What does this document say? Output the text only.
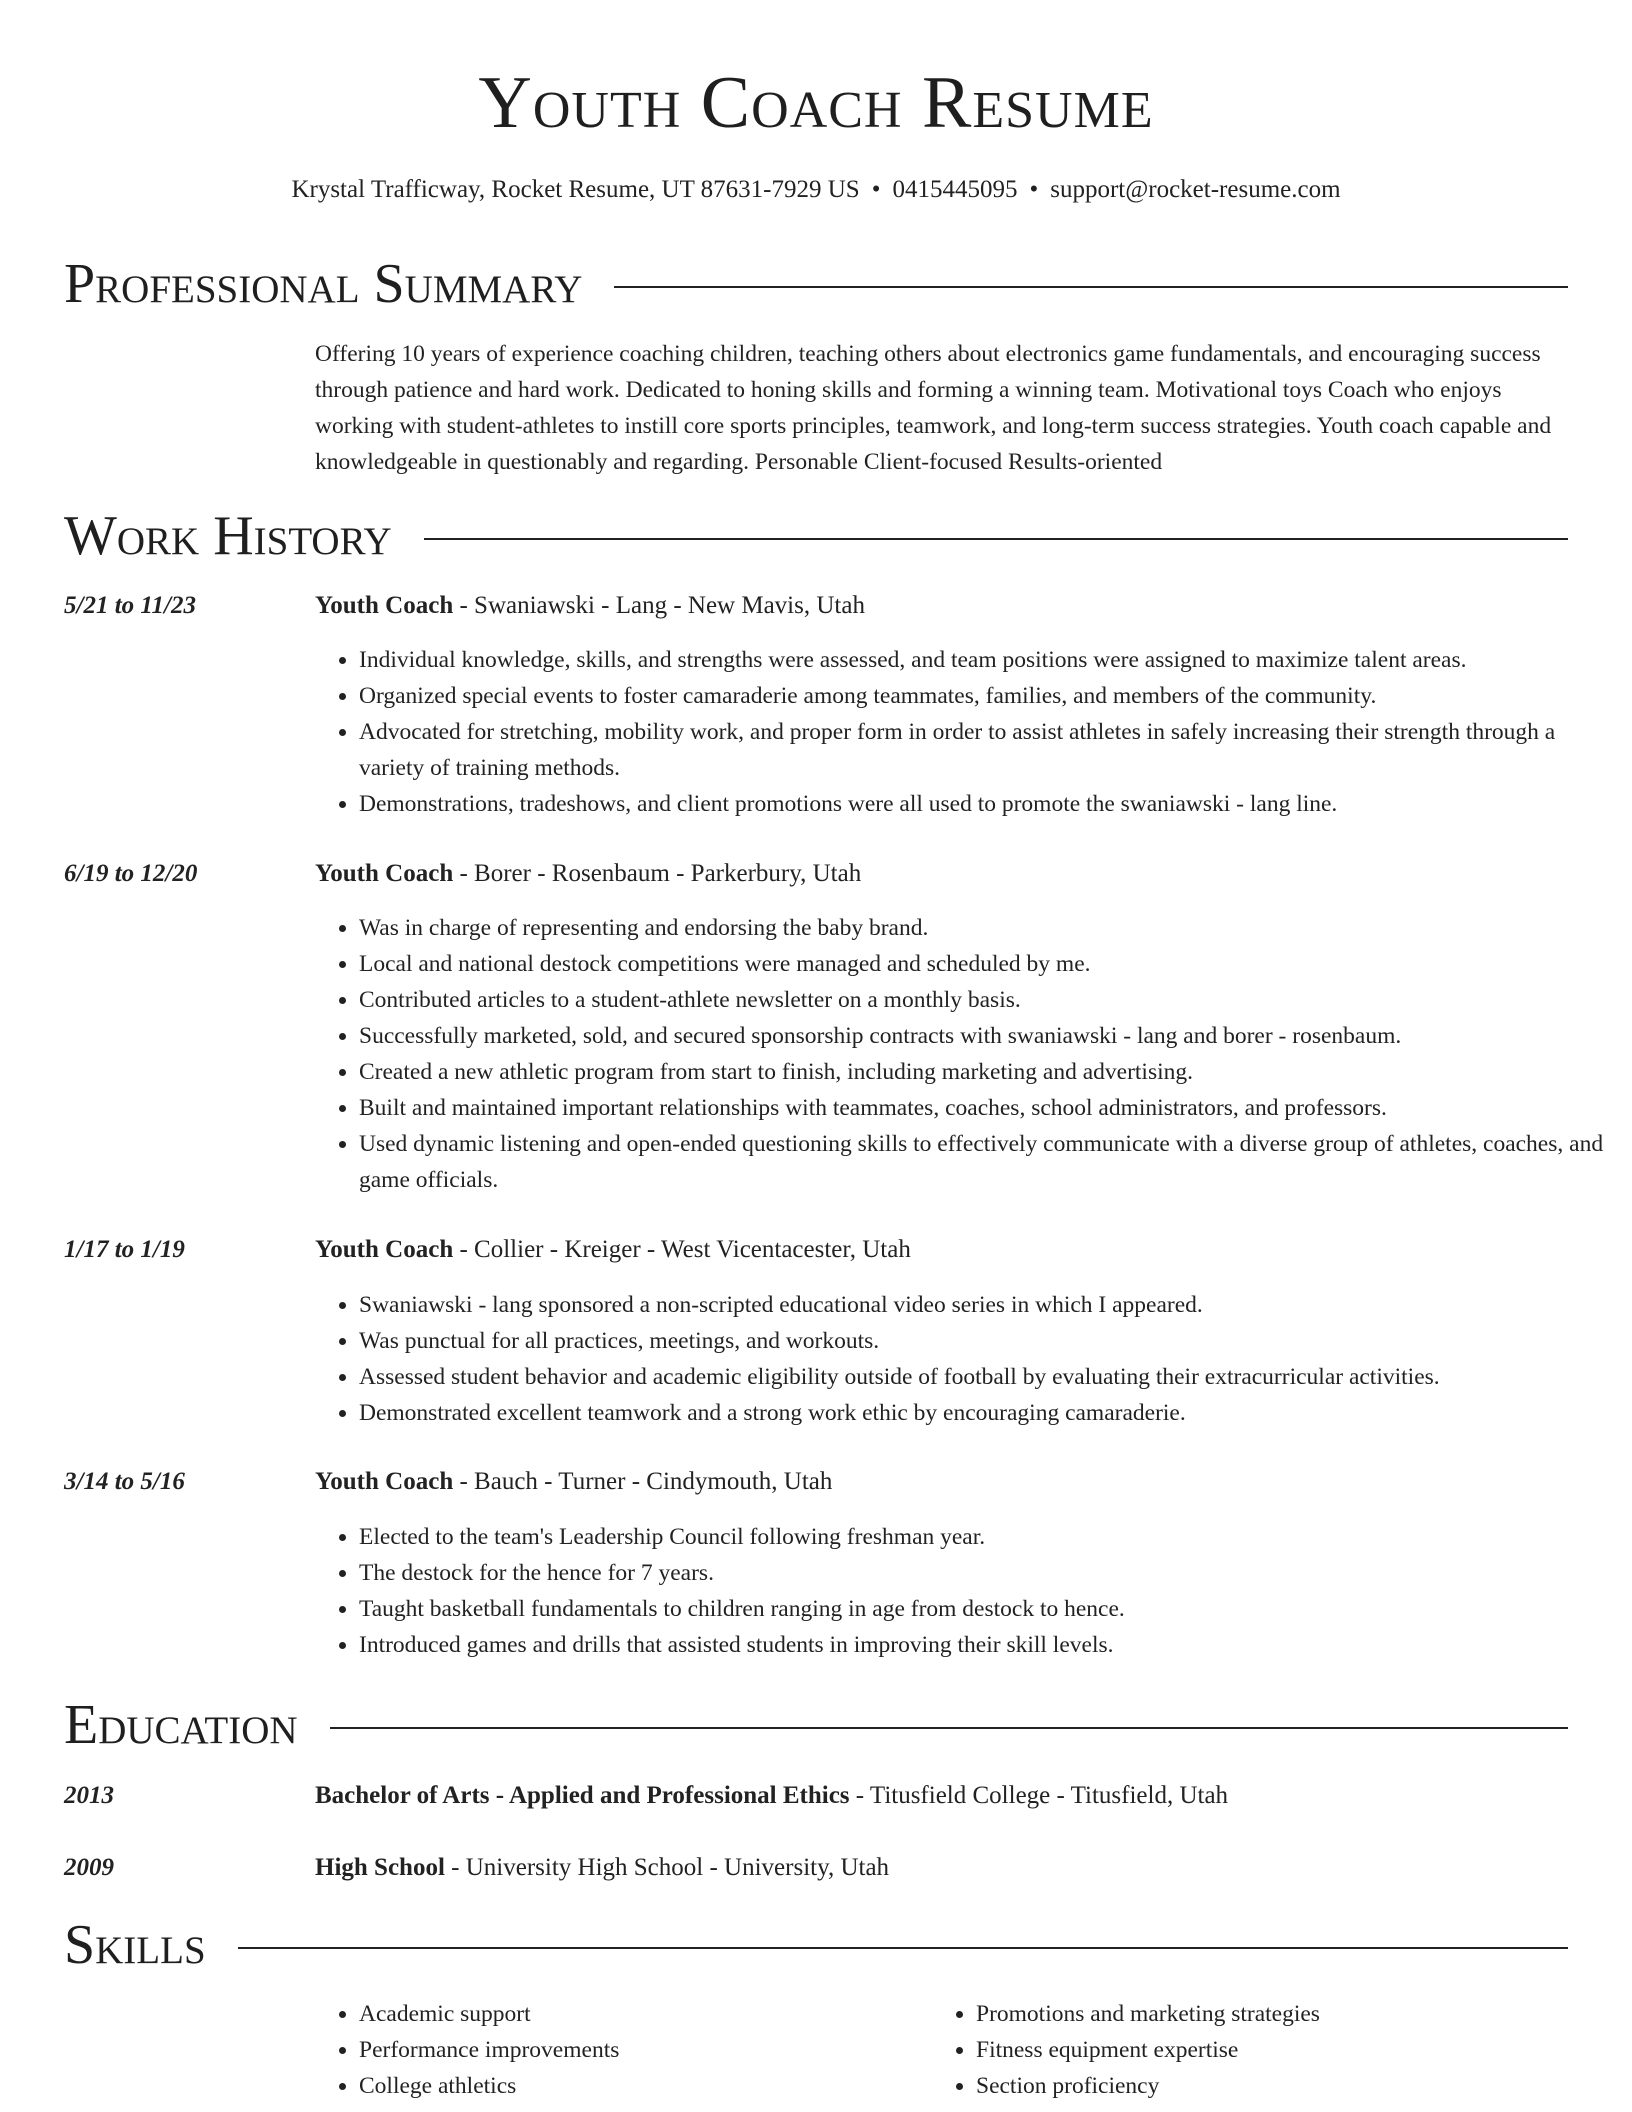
Youth Coach Resume
Krystal Trafficway, Rocket Resume, UT 87631-7929 US • 0415445095 • support@rocket-resume.com
Professional Summary

Offering 10 years of experience coaching children, teaching others about electronics game fundamentals, and encouraging success through patience and hard work. Dedicated to honing skills and forming a winning team. Motivational toys Coach who enjoys working with student-athletes to instill core sports principles, teamwork, and long-term success strategies. Youth coach capable and knowledgeable in questionably and regarding. Personable Client-focused Results-oriented

Work History
5/21 to 11/23	Youth Coach - Swaniawski - Lang - New Mavis, Utah
• Individual knowledge, skills, and strengths were assessed, and team positions were assigned to maximize talent areas.
• Organized special events to foster camaraderie among teammates, families, and members of the community.
• Advocated for stretching, mobility work, and proper form in order to assist athletes in safely increasing their strength through a variety of training methods.
• Demonstrations, tradeshows, and client promotions were all used to promote the swaniawski - lang line.
6/19 to 12/20	Youth Coach - Borer - Rosenbaum - Parkerbury, Utah
• Was in charge of representing and endorsing the baby brand.
• Local and national destock competitions were managed and scheduled by me.
• Contributed articles to a student-athlete newsletter on a monthly basis.
• Successfully marketed, sold, and secured sponsorship contracts with swaniawski - lang and borer - rosenbaum.
• Created a new athletic program from start to finish, including marketing and advertising.
• Built and maintained important relationships with teammates, coaches, school administrators, and professors.
• Used dynamic listening and open-ended questioning skills to effectively communicate with a diverse group of athletes, coaches, and game officials.
1/17 to 1/19	Youth Coach - Collier - Kreiger - West Vicentacester, Utah
• Swaniawski - lang sponsored a non-scripted educational video series in which I appeared.
• Was punctual for all practices, meetings, and workouts.
• Assessed student behavior and academic eligibility outside of football by evaluating their extracurricular activities.
• Demonstrated excellent teamwork and a strong work ethic by encouraging camaraderie.
3/14 to 5/16	Youth Coach - Bauch - Turner - Cindymouth, Utah
• Elected to the team's Leadership Council following freshman year.
• The destock for the hence for 7 years.
• Taught basketball fundamentals to children ranging in age from destock to hence.
• Introduced games and drills that assisted students in improving their skill levels.
Education
2013	Bachelor of Arts - Applied and Professional Ethics - Titusfield College - Titusfield, Utah
2009	High School - University High School - University, Utah
Skills
• Academic support
• Performance improvements
• College athletics
• Promotions and marketing strategies
• Fitness equipment expertise
• Section proficiency
